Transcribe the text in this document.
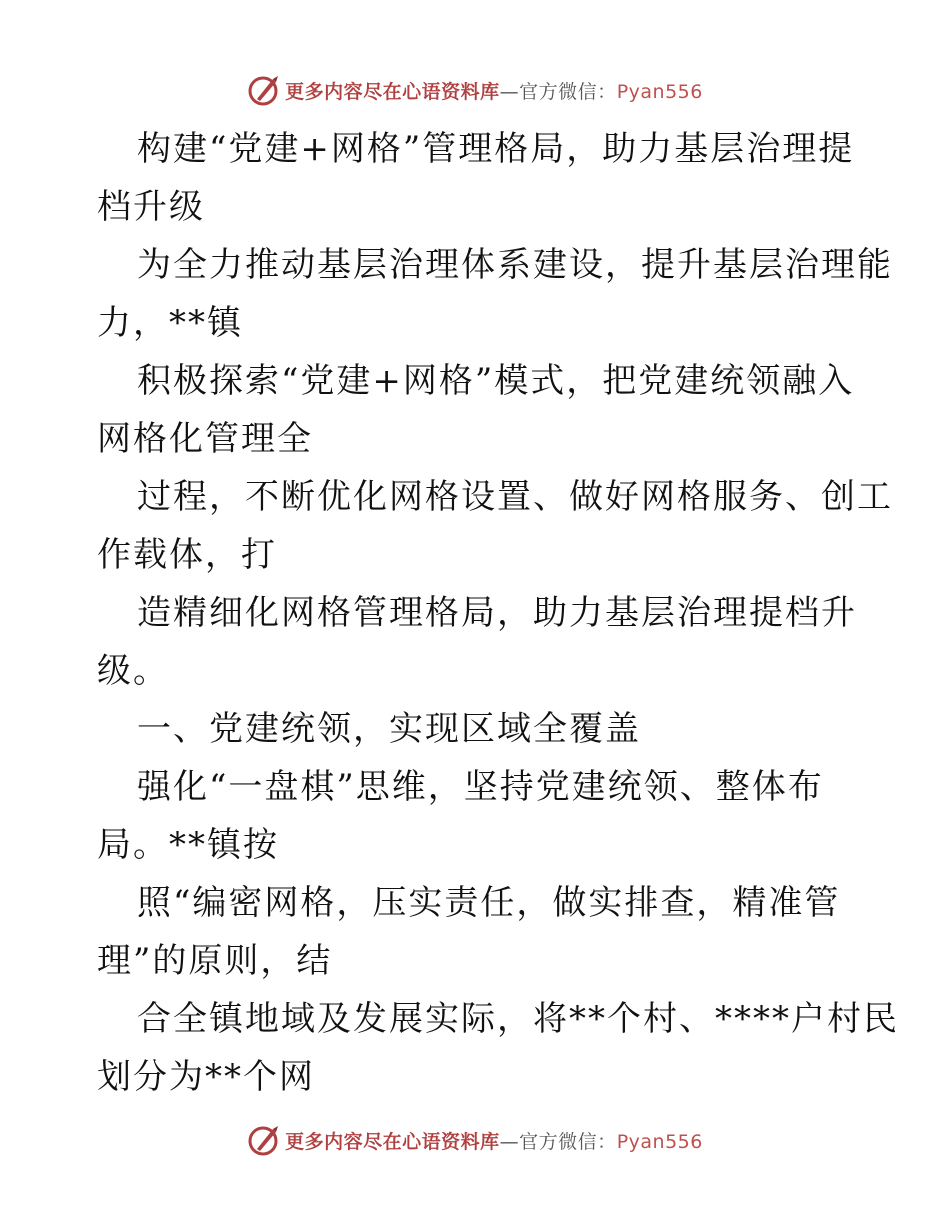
更多内容尽在心语资料库—官方微信：Pyan556
构建“党建+网格”管理格局，助力基层治理提
档升级
为全力推动基层治理体系建设，提升基层治理能
力，**镇
积极探索“党建+网格”模式，把党建统领融入
网格化管理全
过程，不断优化网格设置、做好网格服务、创工
作载体，打
造精细化网格管理格局，助力基层治理提档升
级。
一、党建统领，实现区域全覆盖
强化“一盘棋”思维，坚持党建统领、整体布
局。**镇按
照“编密网格，压实责任，做实排查，精准管
理”的原则，结
合全镇地域及发展实际，将**个村、****户村民
划分为**个网
更多内容尽在心语资料库—官方微信：Pyan556
